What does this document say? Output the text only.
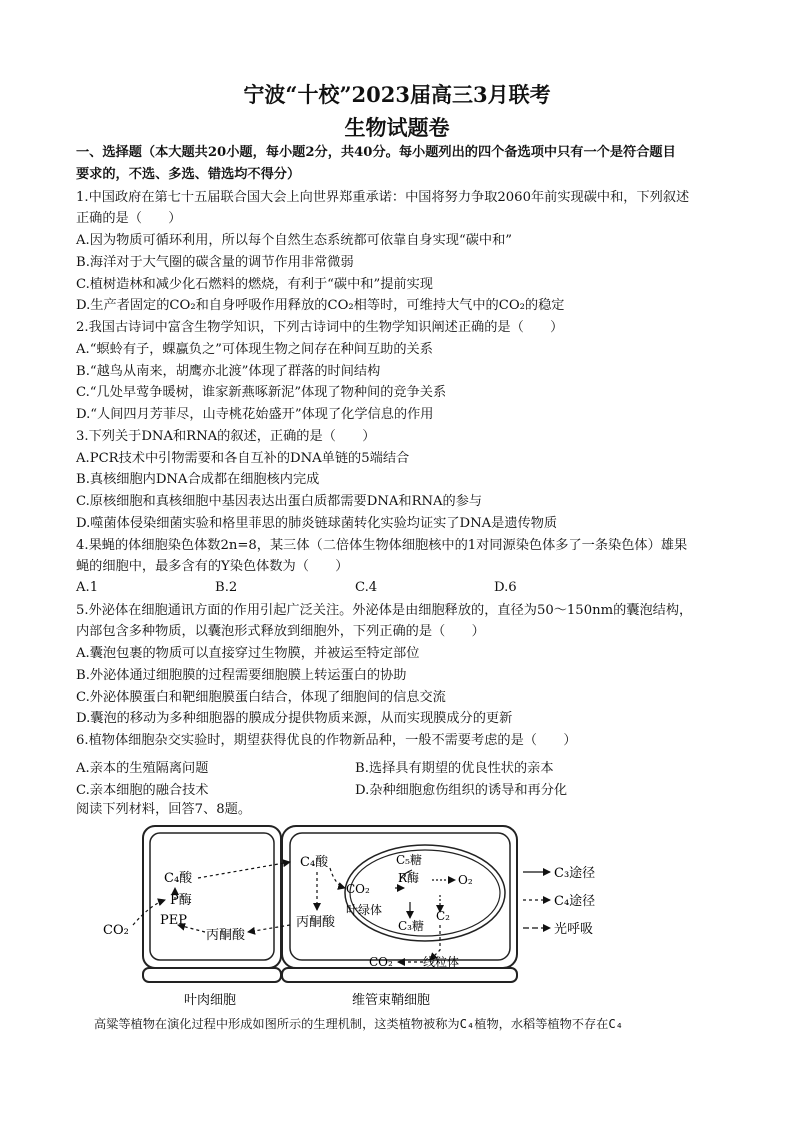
宁波“十校”2023届高三3月联考
生物试题卷
一、选择题（本大题共20小题，每小题2分，共40分。每小题列出的四个备选项中只有一个是符合题目
要求的，不选、多选、错选均不得分）
1.中国政府在第七十五届联合国大会上向世界郑重承诺：中国将努力争取2060年前实现碳中和，下列叙述
正确的是（　　）
A.因为物质可循环利用，所以每个自然生态系统都可依靠自身实现“碳中和”
B.海洋对于大气圈的碳含量的调节作用非常微弱
C.植树造林和减少化石燃料的燃烧，有利于“碳中和”提前实现
D.生产者固定的CO₂和自身呼吸作用释放的CO₂相等时，可维持大气中的CO₂的稳定
2.我国古诗词中富含生物学知识，下列古诗词中的生物学知识阐述正确的是（　　）
A.“螟蛉有子，蜾蠃负之”可体现生物之间存在种间互助的关系
B.“越鸟从南来，胡鹰亦北渡”体现了群落的时间结构
C.“几处早莺争暖树，谁家新燕啄新泥”体现了物种间的竞争关系
D.“人间四月芳菲尽，山寺桃花始盛开”体现了化学信息的作用
3.下列关于DNA和RNA的叙述，正确的是（　　）
A.PCR技术中引物需要和各自互补的DNA单链的5端结合
B.真核细胞内DNA合成都在细胞核内完成
C.原核细胞和真核细胞中基因表达出蛋白质都需要DNA和RNA的参与
D.噬菌体侵染细菌实验和格里菲思的肺炎链球菌转化实验均证实了DNA是遗传物质
4.果蝇的体细胞染色体数2n=8，某三体（二倍体生物体细胞核中的1对同源染色体多了一条染色体）雄果
蝇的细胞中，最多含有的Y染色体数为（　　）
A.1	B.2	C.4	D.6
5.外泌体在细胞通讯方面的作用引起广泛关注。外泌体是由细胞释放的，直径为50～150nm的囊泡结构，
内部包含多种物质，以囊泡形式释放到细胞外，下列正确的是（　　）
A.囊泡包裹的物质可以直接穿过生物膜，并被运至特定部位
B.外泌体通过细胞膜的过程需要细胞膜上转运蛋白的协助
C.外泌体膜蛋白和靶细胞膜蛋白结合，体现了细胞间的信息交流
D.囊泡的移动为多种细胞器的膜成分提供物质来源，从而实现膜成分的更新
6.植物体细胞杂交实验时，期望获得优良的作物新品种，一般不需要考虑的是（　　）
A.亲本的生殖隔离问题	B.选择具有期望的优良性状的亲本
C.亲本细胞的融合技术	D.杂种细胞愈伤组织的诱导和再分化
阅读下列材料，回答7、8题。
C₄酸
P酶
PEP
CO₂	丙酮酸
C₄酸
丙酮酸
C₅糖
CO₂
R酶	O₂
C₃糖
C₂
叶绿体
CO₂	线粒体
C₃途径
C₄途径
光呼吸
叶肉细胞	维管束鞘细胞
高粱等植物在演化过程中形成如图所示的生理机制，这类植物被称为C₄植物，水稻等植物不存在C₄
